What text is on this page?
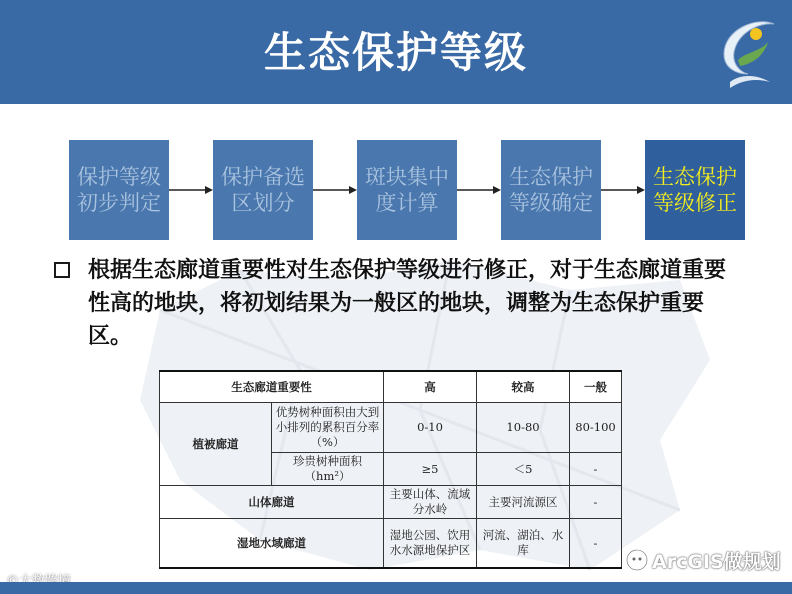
生态保护等级
保护等级初步判定
保护备选区划分
斑块集中度计算
生态保护等级确定
生态保护等级修正
根据生态廊道重要性对生态保护等级进行修正，对于生态廊道重要性高的地块，将初划结果为一般区的地块，调整为生态保护重要区。
生态廊道重要性		高	较高	一般
植被廊道	优势树种面积由大到小排列的累积百分率（%）	0-10	10-80	80-100
	珍贵树种面积（hm²）	≥5	＜5	-
山体廊道		主要山体、流域分水岭	主要河流源区	-
湿地水域廊道		湿地公园、饮用水水源地保护区	河流、湖泊、水库	-
ArcGIS做规划
